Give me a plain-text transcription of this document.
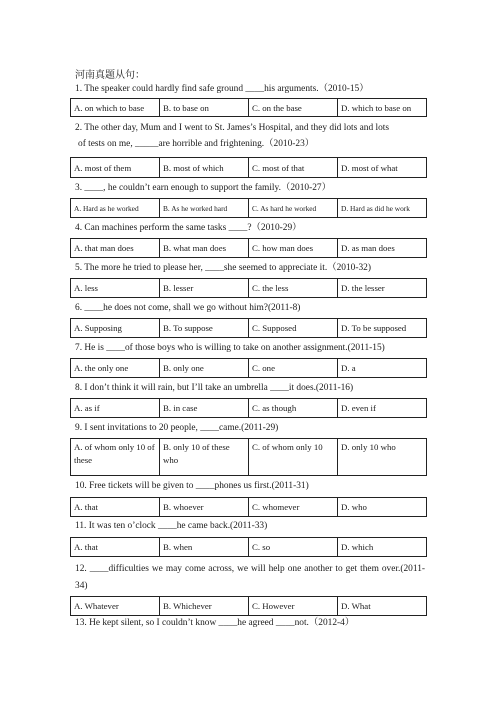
河南真题从句：
1. The speaker could hardly find safe ground ____his arguments.（2010-15）
A. on which to base	B. to base on	C. on the base	D. which to base on
2. The other day, Mum and I went to St. James’s Hospital, and they did lots and lots
of tests on me, _____are horrible and frightening.（2010-23）
A. most of them	B. most of which	C. most of that	D. most of what
3. ____, he couldn’t earn enough to support the family.（2010-27）
A. Hard as he worked	B. As he worked hard	C. As hard he worked	D. Hard as did he work
4. Can machines perform the same tasks ____?（2010-29）
A. that man does	B. what man does	C. how man does	D. as man does
5. The more he tried to please her, ____she seemed to appreciate it.（2010-32)
A. less	B. lesser	C. the less	D. the lesser
6. ____he does not come, shall we go without him?(2011-8)
A. Supposing	B. To suppose	C. Supposed	D. To be supposed
7. He is ____of those boys who is willing to take on another assignment.(2011-15)
A. the only one	B. only one	C. one	D. a
8. I don’t think it will rain, but I’ll take an umbrella ____it does.(2011-16)
A. as if	B. in case	C. as though	D. even if
9. I sent invitations to 20 people, ____came.(2011-29)
A. of whom only 10 of these	B. only 10 of these who	C. of whom only 10	D. only 10 who
10. Free tickets will be given to ____phones us first.(2011-31)
A. that	B. whoever	C. whomever	D. who
11. It was ten o’clock ____he came back.(2011-33)
A. that	B. when	C. so	D. which
12. ____difficulties we may come across, we will help one another to get them over.(2011-34)
A. Whatever	B. Whichever	C. However	D. What
13. He kept silent, so I couldn’t know ____he agreed ____not.（2012-4）
